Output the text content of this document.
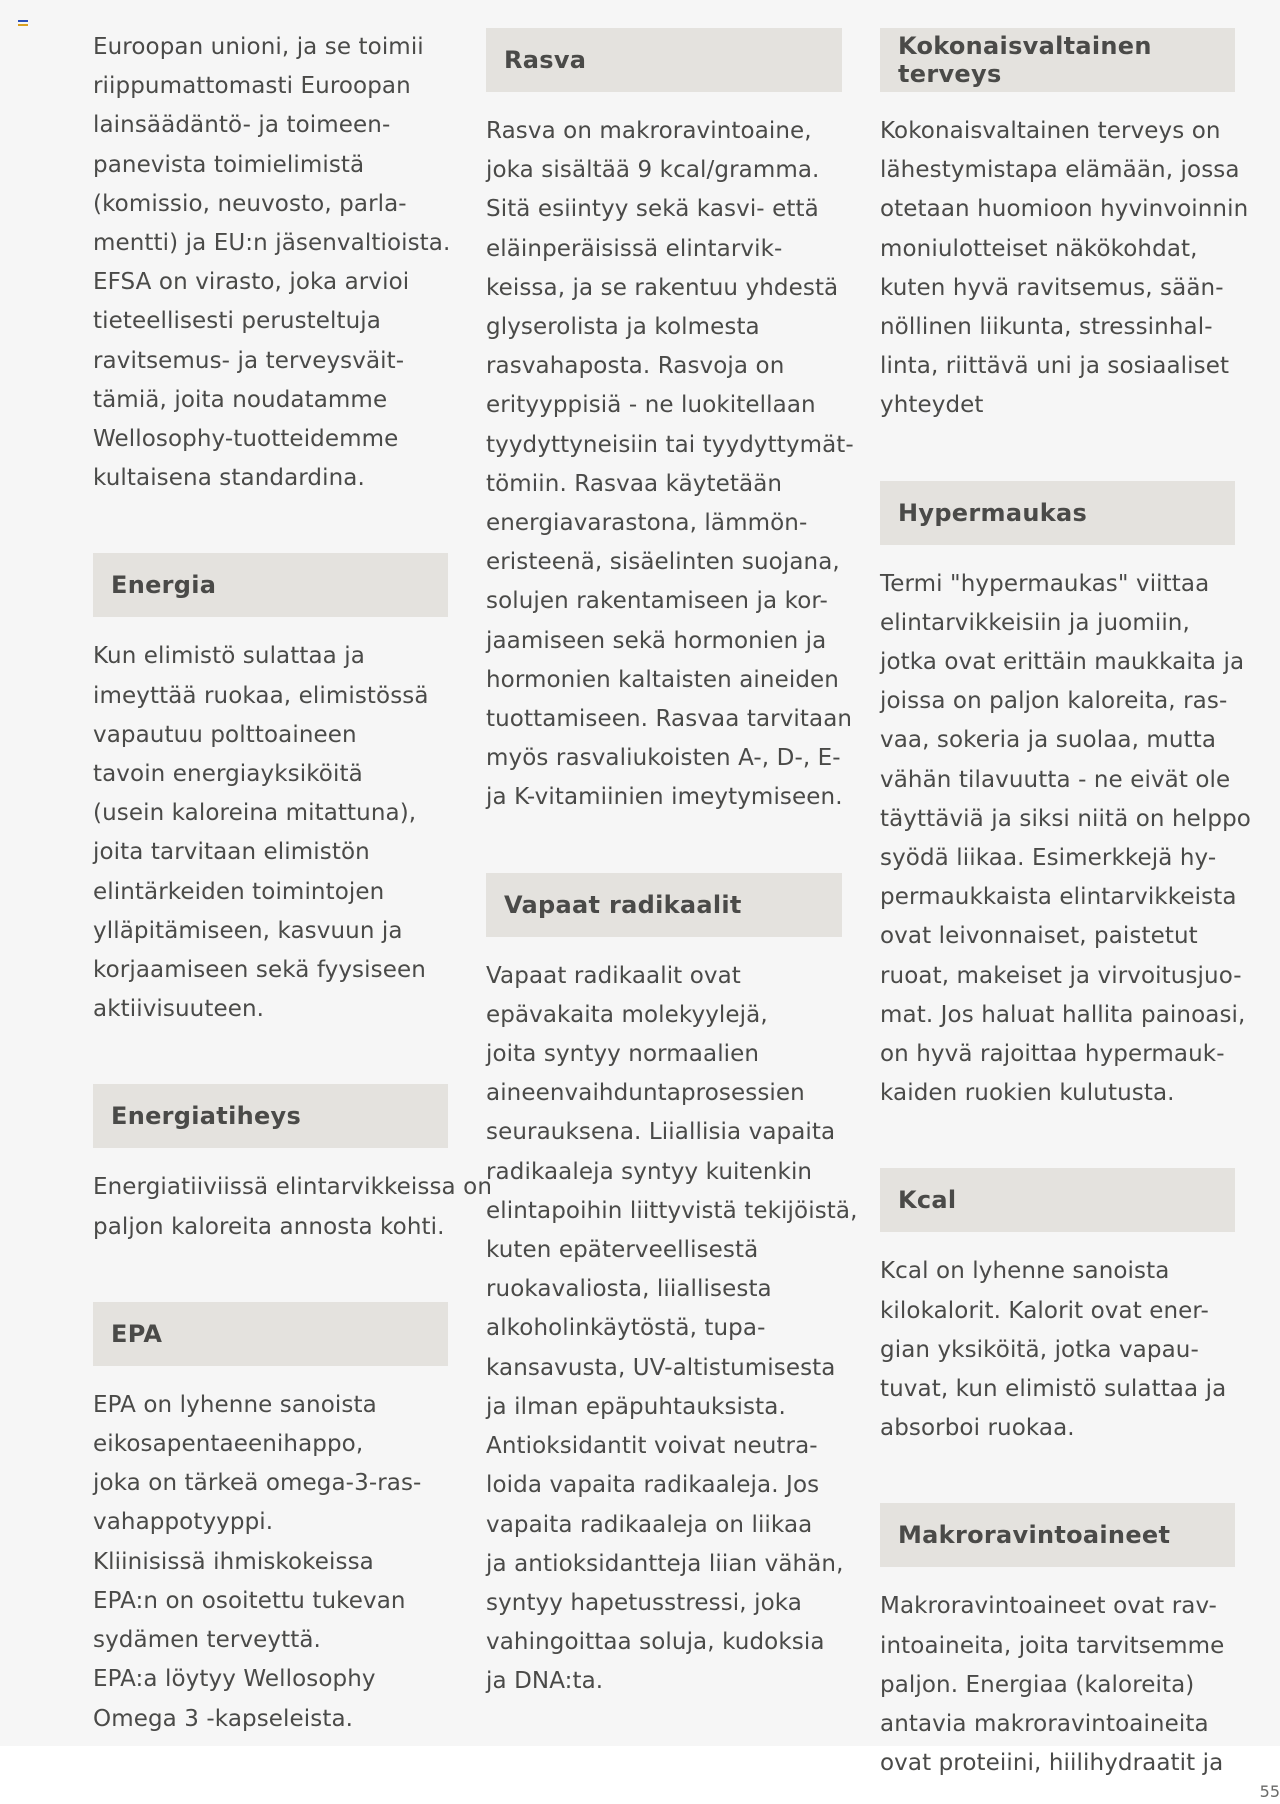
Euroopan unioni, ja se toimii
riippumattomasti Euroopan
lainsäädäntö- ja toimeen-
panevista toimielimistä
(komissio, neuvosto, parla-
mentti) ja EU:n jäsenvaltioista.
EFSA on virasto, joka arvioi
tieteellisesti perusteltuja
ravitsemus- ja terveysväit-
tämiä, joita noudatamme
Wellosophy-tuotteidemme
kultaisena standardina.

Energia

Kun elimistö sulattaa ja
imeyttää ruokaa, elimistössä
vapautuu polttoaineen
tavoin energiayksiköitä
(usein kaloreina mitattuna),
joita tarvitaan elimistön
elintärkeiden toimintojen
ylläpitämiseen, kasvuun ja
korjaamiseen sekä fyysiseen
aktiivisuuteen.

Energiatiheys

Energiatiiviissä elintarvikkeissa on
paljon kaloreita annosta kohti.

EPA

EPA on lyhenne sanoista
eikosapentaeenihappo,
joka on tärkeä omega-3-ras-
vahappotyyppi.
Kliinisissä ihmiskokeissa
EPA:n on osoitettu tukevan
sydämen terveyttä.
EPA:a löytyy Wellosophy
Omega 3 -kapseleista.

Rasva

Rasva on makroravintoaine,
joka sisältää 9 kcal/gramma.
Sitä esiintyy sekä kasvi- että
eläinperäisissä elintarvik-
keissa, ja se rakentuu yhdestä
glyserolista ja kolmesta
rasvahaposta. Rasvoja on
erityyppisiä - ne luokitellaan
tyydyttyneisiin tai tyydyttymät-
tömiin. Rasvaa käytetään
energiavarastona, lämmön-
eristeenä, sisäelinten suojana,
solujen rakentamiseen ja kor-
jaamiseen sekä hormonien ja
hormonien kaltaisten aineiden
tuottamiseen. Rasvaa tarvitaan
myös rasvaliukoisten A-, D-, E-
ja K-vitamiinien imeytymiseen.

Vapaat radikaalit

Vapaat radikaalit ovat
epävakaita molekyylejä,
joita syntyy normaalien
aineenvaihduntaprosessien
seurauksena. Liiallisia vapaita
radikaaleja syntyy kuitenkin
elintapoihin liittyvistä tekijöistä,
kuten epäterveellisestä
ruokavaliosta, liiallisesta
alkoholinkäytöstä, tupa-
kansavusta, UV-altistumisesta
ja ilman epäpuhtauksista.
Antioksidantit voivat neutra-
loida vapaita radikaaleja. Jos
vapaita radikaaleja on liikaa
ja antioksidantteja liian vähän,
syntyy hapetusstressi, joka
vahingoittaa soluja, kudoksia
ja DNA:ta.

Kokonaisvaltainen terveys

Kokonaisvaltainen terveys on
lähestymistapa elämään, jossa
otetaan huomioon hyvinvoinnin
moniulotteiset näkökohdat,
kuten hyvä ravitsemus, sään-
nöllinen liikunta, stressinhal-
linta, riittävä uni ja sosiaaliset
yhteydet

Hypermaukas

Termi "hypermaukas" viittaa
elintarvikkeisiin ja juomiin,
jotka ovat erittäin maukkaita ja
joissa on paljon kaloreita, ras-
vaa, sokeria ja suolaa, mutta
vähän tilavuutta - ne eivät ole
täyttäviä ja siksi niitä on helppo
syödä liikaa. Esimerkkejä hy-
permaukkaista elintarvikkeista
ovat leivonnaiset, paistetut
ruoat, makeiset ja virvoitusjuo-
mat. Jos haluat hallita painoasi,
on hyvä rajoittaa hypermauk-
kaiden ruokien kulutusta.

Kcal

Kcal on lyhenne sanoista
kilokalorit. Kalorit ovat ener-
gian yksiköitä, jotka vapau-
tuvat, kun elimistö sulattaa ja
absorboi ruokaa.

Makroravintoaineet

Makroravintoaineet ovat rav-
intoaineita, joita tarvitsemme
paljon. Energiaa (kaloreita)
antavia makroravintoaineita
ovat proteiini, hiilihydraatit ja

55
